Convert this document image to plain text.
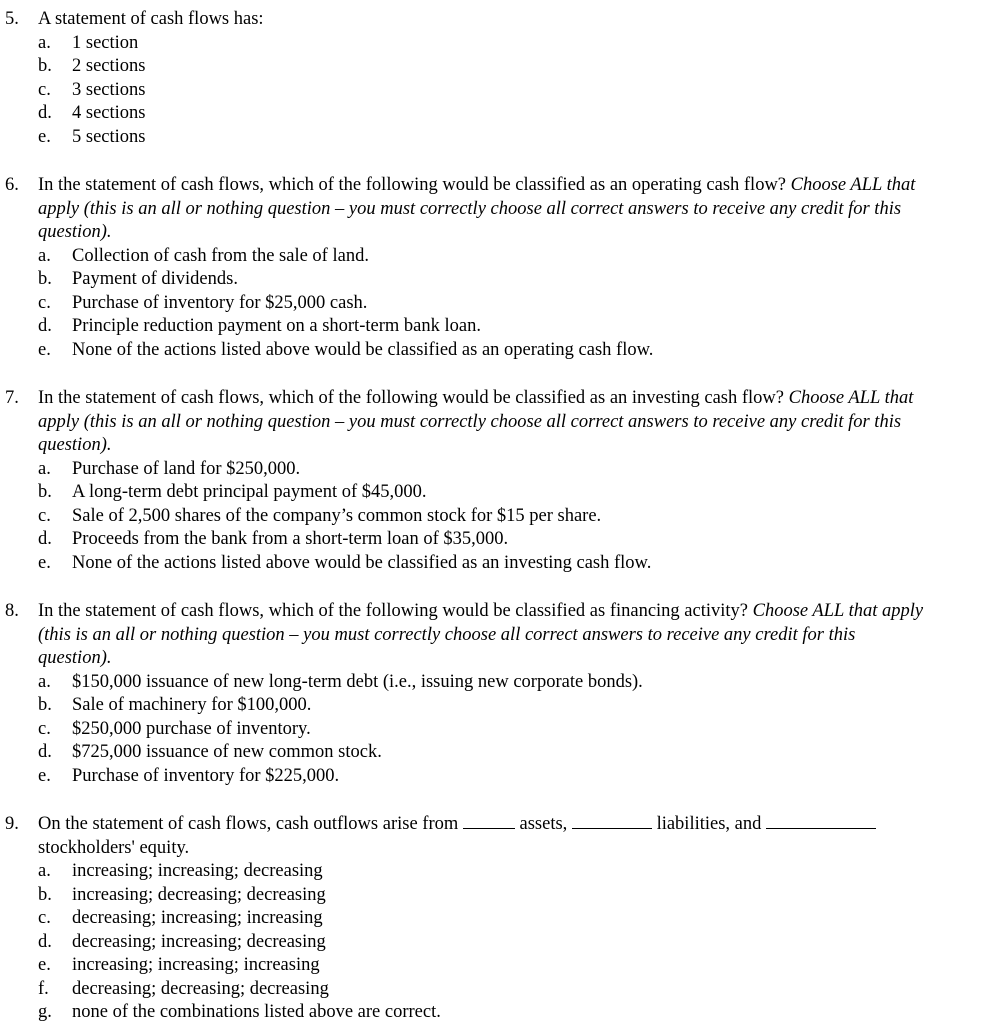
5.	A statement of cash flows has:
a.	1 section
b.	2 sections
c.	3 sections
d.	4 sections
e.	5 sections
6.	In the statement of cash flows, which of the following would be classified as an operating cash flow? Choose ALL that apply (this is an all or nothing question – you must correctly choose all correct answers to receive any credit for this question).
a.	Collection of cash from the sale of land.
b.	Payment of dividends.
c.	Purchase of inventory for $25,000 cash.
d.	Principle reduction payment on a short-term bank loan.
e.	None of the actions listed above would be classified as an operating cash flow.
7.	In the statement of cash flows, which of the following would be classified as an investing cash flow? Choose ALL that apply (this is an all or nothing question – you must correctly choose all correct answers to receive any credit for this question).
a.	Purchase of land for $250,000.
b.	A long-term debt principal payment of $45,000.
c.	Sale of 2,500 shares of the company’s common stock for $15 per share.
d.	Proceeds from the bank from a short-term loan of $35,000.
e.	None of the actions listed above would be classified as an investing cash flow.
8.	In the statement of cash flows, which of the following would be classified as financing activity? Choose ALL that apply (this is an all or nothing question – you must correctly choose all correct answers to receive any credit for this question).
a.	$150,000 issuance of new long-term debt (i.e., issuing new corporate bonds).
b.	Sale of machinery for $100,000.
c.	$250,000 purchase of inventory.
d.	$725,000 issuance of new common stock.
e.	Purchase of inventory for $225,000.
9.	On the statement of cash flows, cash outflows arise from	assets,	liabilities, and  stockholders' equity.
a.	increasing; increasing; decreasing
b.	increasing; decreasing; decreasing
c.	decreasing; increasing; increasing
d.	decreasing; increasing; decreasing
e.	increasing; increasing; increasing
f.	decreasing; decreasing; decreasing
g.	none of the combinations listed above are correct.
